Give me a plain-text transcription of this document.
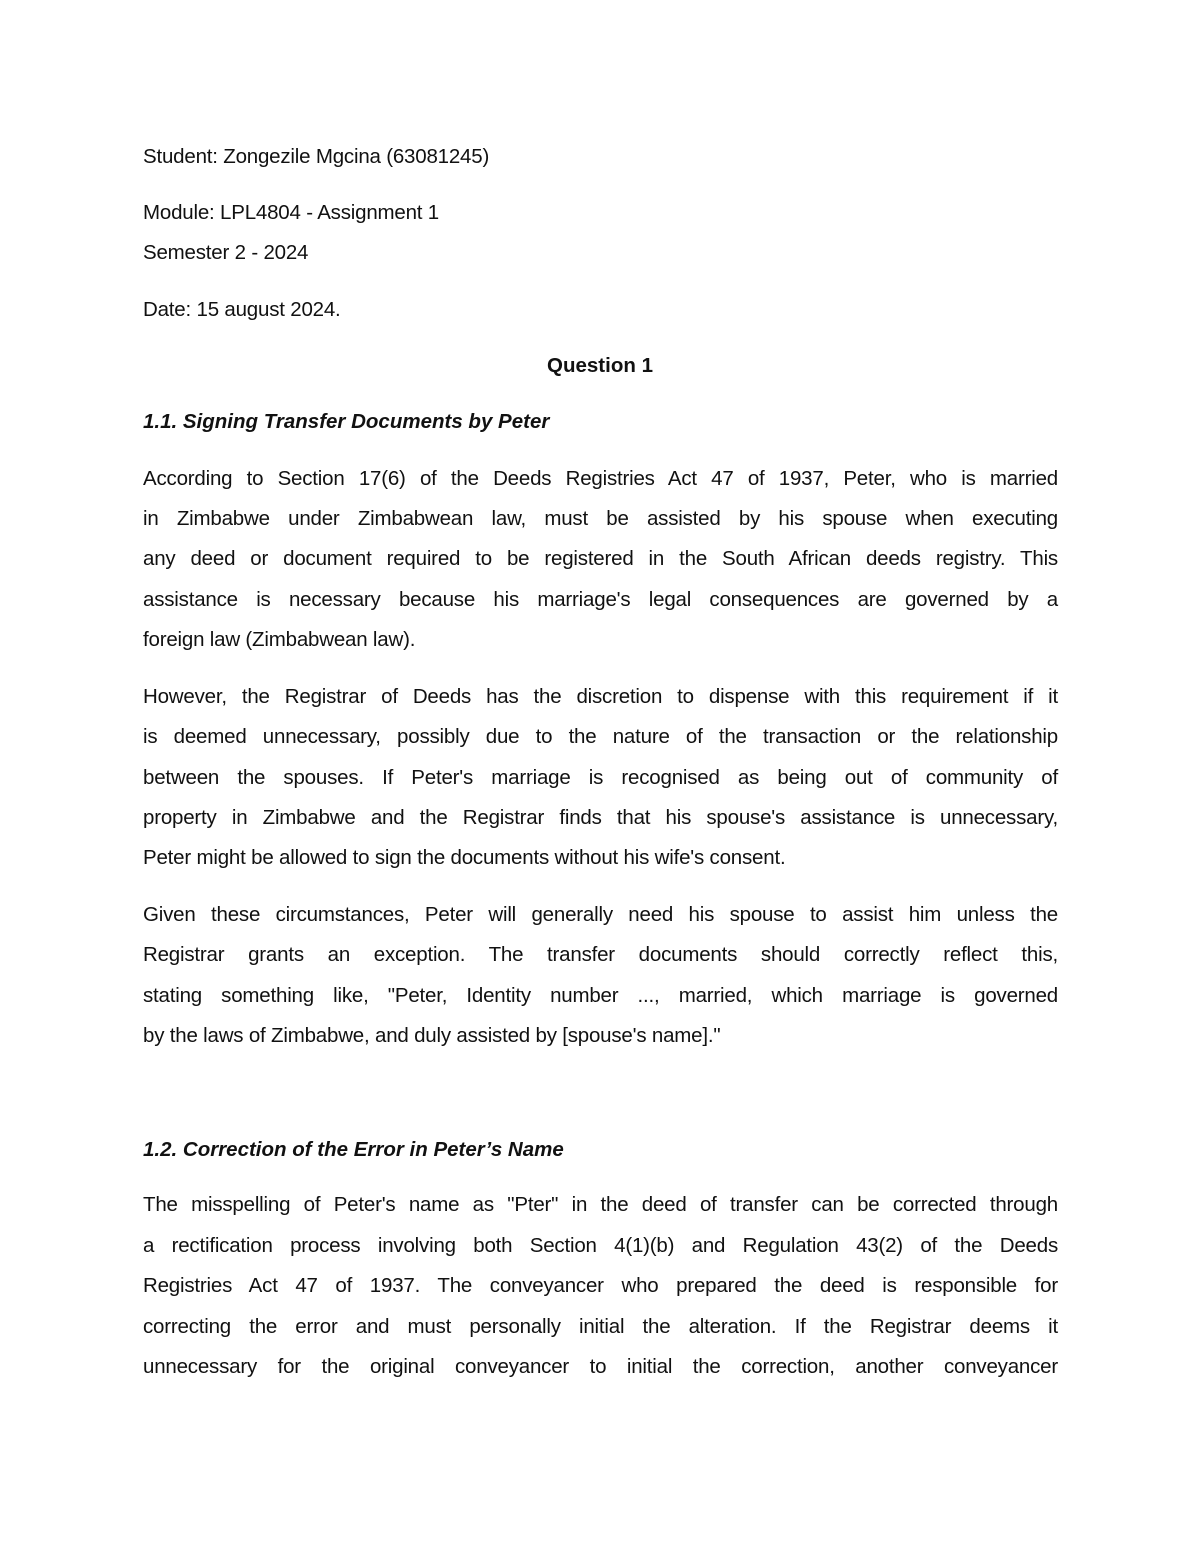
Student: Zongezile Mgcina (63081245)
Module: LPL4804 - Assignment 1
Semester 2 - 2024
Date: 15 august 2024.
Question 1
1.1. Signing Transfer Documents by Peter
According to Section 17(6) of the Deeds Registries Act 47 of 1937, Peter, who is married
in Zimbabwe under Zimbabwean law, must be assisted by his spouse when executing
any deed or document required to be registered in the South African deeds registry. This
assistance is necessary because his marriage's legal consequences are governed by a
foreign law (Zimbabwean law).
However, the Registrar of Deeds has the discretion to dispense with this requirement if it
is deemed unnecessary, possibly due to the nature of the transaction or the relationship
between the spouses. If Peter's marriage is recognised as being out of community of
property in Zimbabwe and the Registrar finds that his spouse's assistance is unnecessary,
Peter might be allowed to sign the documents without his wife's consent.
Given these circumstances, Peter will generally need his spouse to assist him unless the
Registrar grants an exception. The transfer documents should correctly reflect this,
stating something like, "Peter, Identity number ..., married, which marriage is governed
by the laws of Zimbabwe, and duly assisted by [spouse's name]."
1.2. Correction of the Error in Peter’s Name
The misspelling of Peter's name as "Pter" in the deed of transfer can be corrected through
a rectification process involving both Section 4(1)(b) and Regulation 43(2) of the Deeds
Registries Act 47 of 1937. The conveyancer who prepared the deed is responsible for
correcting the error and must personally initial the alteration. If the Registrar deems it
unnecessary for the original conveyancer to initial the correction, another conveyancer
